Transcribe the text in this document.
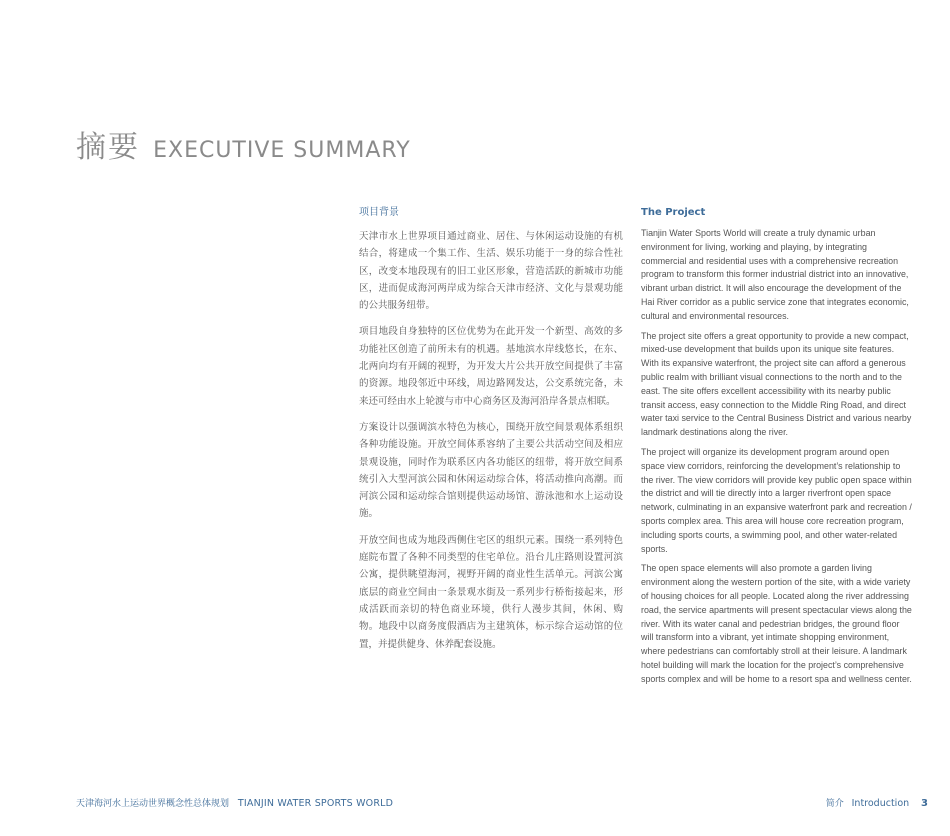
摘要 EXECUTIVE SUMMARY
项目背景

天津市水上世界项目通过商业、居住、与休闲运动设施的有机结合，将建成一个集工作、生活、娱乐功能于一身的综合性社区，改变本地段现有的旧工业区形象，营造活跃的新城市功能区，进而促成海河两岸成为综合天津市经济、文化与景观功能的公共服务纽带。

项目地段自身独特的区位优势为在此开发一个新型、高效的多功能社区创造了前所未有的机遇。基地滨水岸线悠长，在东、北两向均有开阔的视野，为开发大片公共开放空间提供了丰富的资源。地段邻近中环线，周边路网发达，公交系统完备，未来还可经由水上轮渡与市中心商务区及海河沿岸各景点相联。

方案设计以强调滨水特色为核心，围绕开放空间景观体系组织各种功能设施。开放空间体系容纳了主要公共活动空间及相应景观设施，同时作为联系区内各功能区的纽带，将开放空间系统引入大型河滨公园和休闲运动综合体，将活动推向高潮。而河滨公园和运动综合馆则提供运动场馆、游泳池和水上运动设施。

开放空间也成为地段西侧住宅区的组织元素。围绕一系列特色庭院布置了各种不同类型的住宅单位。沿台儿庄路则设置河滨公寓，提供眺望海河，视野开阔的商业性生活单元。河滨公寓底层的商业空间由一条景观水街及一系列步行桥衔接起来，形成活跃而亲切的特色商业环境，供行人漫步其间，休闲、购物。地段中以商务度假酒店为主建筑体，标示综合运动馆的位置，并提供健身、休养配套设施。

The Project

Tianjin Water Sports World will create a truly dynamic urban environment for living, working and playing, by integrating commercial and residential uses with a comprehensive recreation program to transform this former industrial district into an innovative, vibrant urban district. It will also encourage the development of the Hai River corridor as a public service zone that integrates economic, cultural and environmental resources.

The project site offers a great opportunity to provide a new compact, mixed-use development that builds upon its unique site features. With its expansive waterfront, the project site can afford a generous public realm with brilliant visual connections to the north and to the east. The site offers excellent accessibility with its nearby public transit access, easy connection to the Middle Ring Road, and direct water taxi service to the Central Business District and various nearby landmark destinations along the river.

The project will organize its development program around open space view corridors, reinforcing the development’s relationship to the river. The view corridors will provide key public open space within the district and will tie directly into a larger riverfront open space network, culminating in an expansive waterfront park and recreation / sports complex area. This area will house core recreation program, including sports courts, a swimming pool, and other water-related sports.

The open space elements will also promote a garden living environment along the western portion of the site, with a wide variety of housing choices for all people. Located along the river addressing road, the service apartments will present spectacular views along the river. With its water canal and pedestrian bridges, the ground floor will transform into a vibrant, yet intimate shopping environment, where pedestrians can comfortably stroll at their leisure. A landmark hotel building will mark the location for the project’s comprehensive sports complex and will be home to a resort spa and wellness center.

天津海河水上运动世界概念性总体规划 TIANJIN WATER SPORTS WORLD	简介 Introduction 3
